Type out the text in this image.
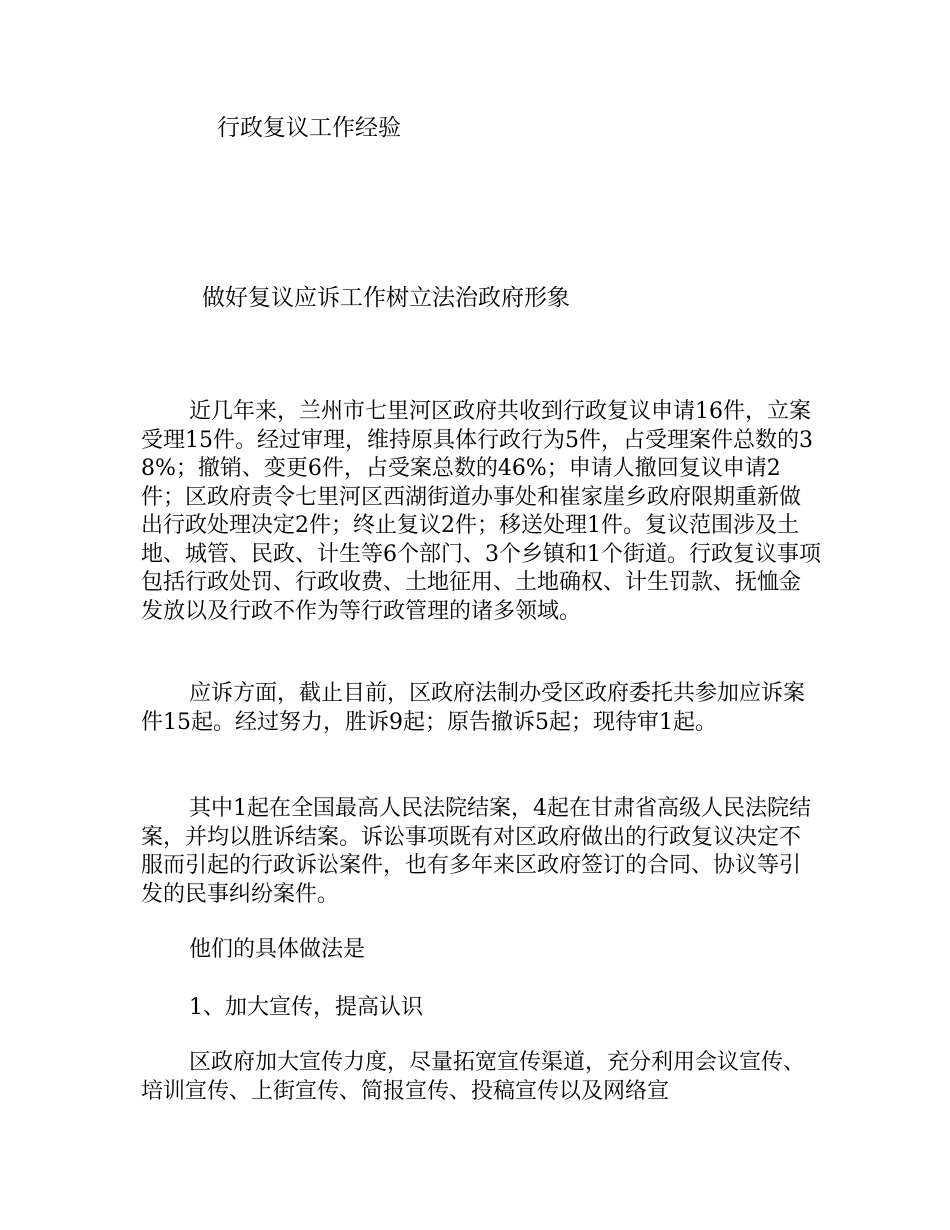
行政复议工作经验
做好复议应诉工作树立法治政府形象

近几年来，兰州市七里河区政府共收到行政复议申请16件，立案受理15件。经过审理，维持原具体行政行为5件，占受理案件总数的38%；撤销、变更6件，占受案总数的46%；申请人撤回复议申请2件；区政府责令七里河区西湖街道办事处和崔家崖乡政府限期重新做出行政处理决定2件；终止复议2件；移送处理1件。复议范围涉及土地、城管、民政、计生等6个部门、3个乡镇和1个街道。行政复议事项包括行政处罚、行政收费、土地征用、土地确权、计生罚款、抚恤金发放以及行政不作为等行政管理的诸多领域。

应诉方面，截止目前，区政府法制办受区政府委托共参加应诉案件15起。经过努力，胜诉9起；原告撤诉5起；现待审1起。

其中1起在全国最高人民法院结案，4起在甘肃省高级人民法院结案，并均以胜诉结案。诉讼事项既有对区政府做出的行政复议决定不服而引起的行政诉讼案件，也有多年来区政府签订的合同、协议等引发的民事纠纷案件。

他们的具体做法是

1、加大宣传，提高认识

区政府加大宣传力度，尽量拓宽宣传渠道，充分利用会议宣传、培训宣传、上街宣传、简报宣传、投稿宣传以及网络宣
